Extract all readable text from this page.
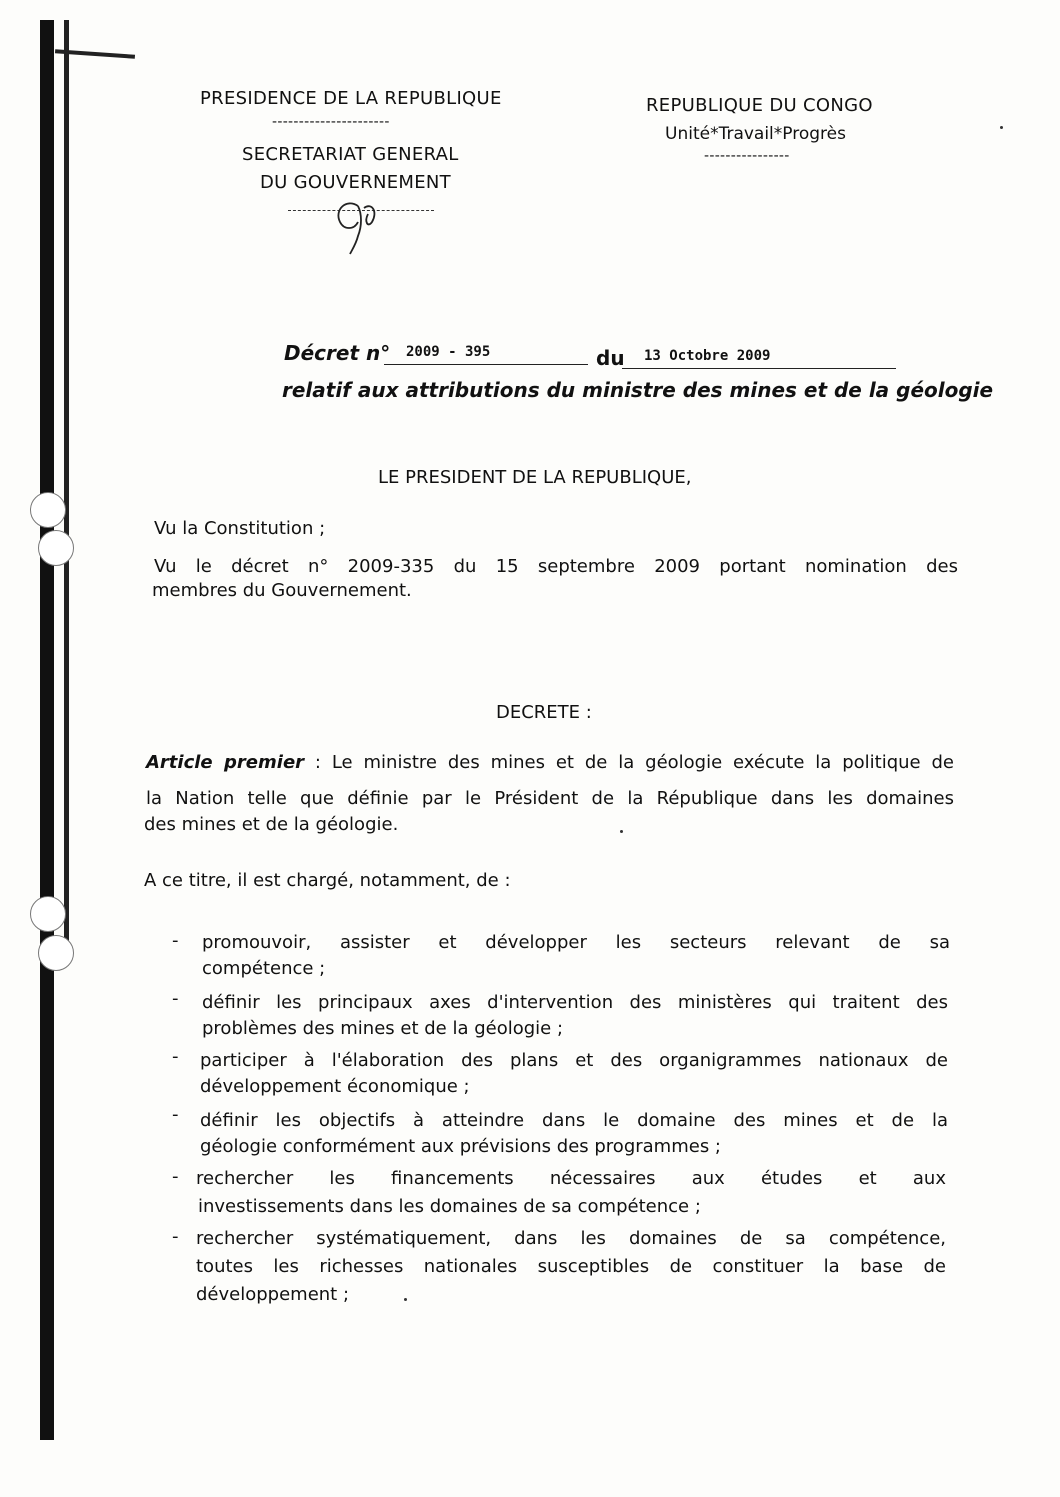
PRESIDENCE DE LA REPUBLIQUE
----------------------
SECRETARIAT GENERAL
DU GOUVERNEMENT
REPUBLIQUE DU CONGO
Unité*Travail*Progrès
----------------
Décret n° 2009 - 395	du 13 Octobre 2009
relatif aux attributions du ministre des mines et de la géologie
LE PRESIDENT DE LA REPUBLIQUE,
Vu la Constitution ;
Vu le décret n° 2009-335 du 15 septembre 2009 portant nomination des
membres du Gouvernement.
DECRETE :
Article premier : Le ministre des mines et de la géologie exécute la politique de
la Nation telle que définie par le Président de la République dans les domaines
des mines et de la géologie.
A ce titre, il est chargé, notamment, de :
- promouvoir, assister et développer les secteurs relevant de sa
compétence ;
- définir les principaux axes d'intervention des ministères qui traitent des
problèmes des mines et de la géologie ;
- participer à l'élaboration des plans et des organigrammes nationaux de
développement économique ;
- définir les objectifs à atteindre dans le domaine des mines et de la
géologie conformément aux prévisions des programmes ;
- rechercher les financements nécessaires aux études et aux
investissements dans les domaines de sa compétence ;
- rechercher systématiquement, dans les domaines de sa compétence,
toutes les richesses nationales susceptibles de constituer la base de
développement ;
